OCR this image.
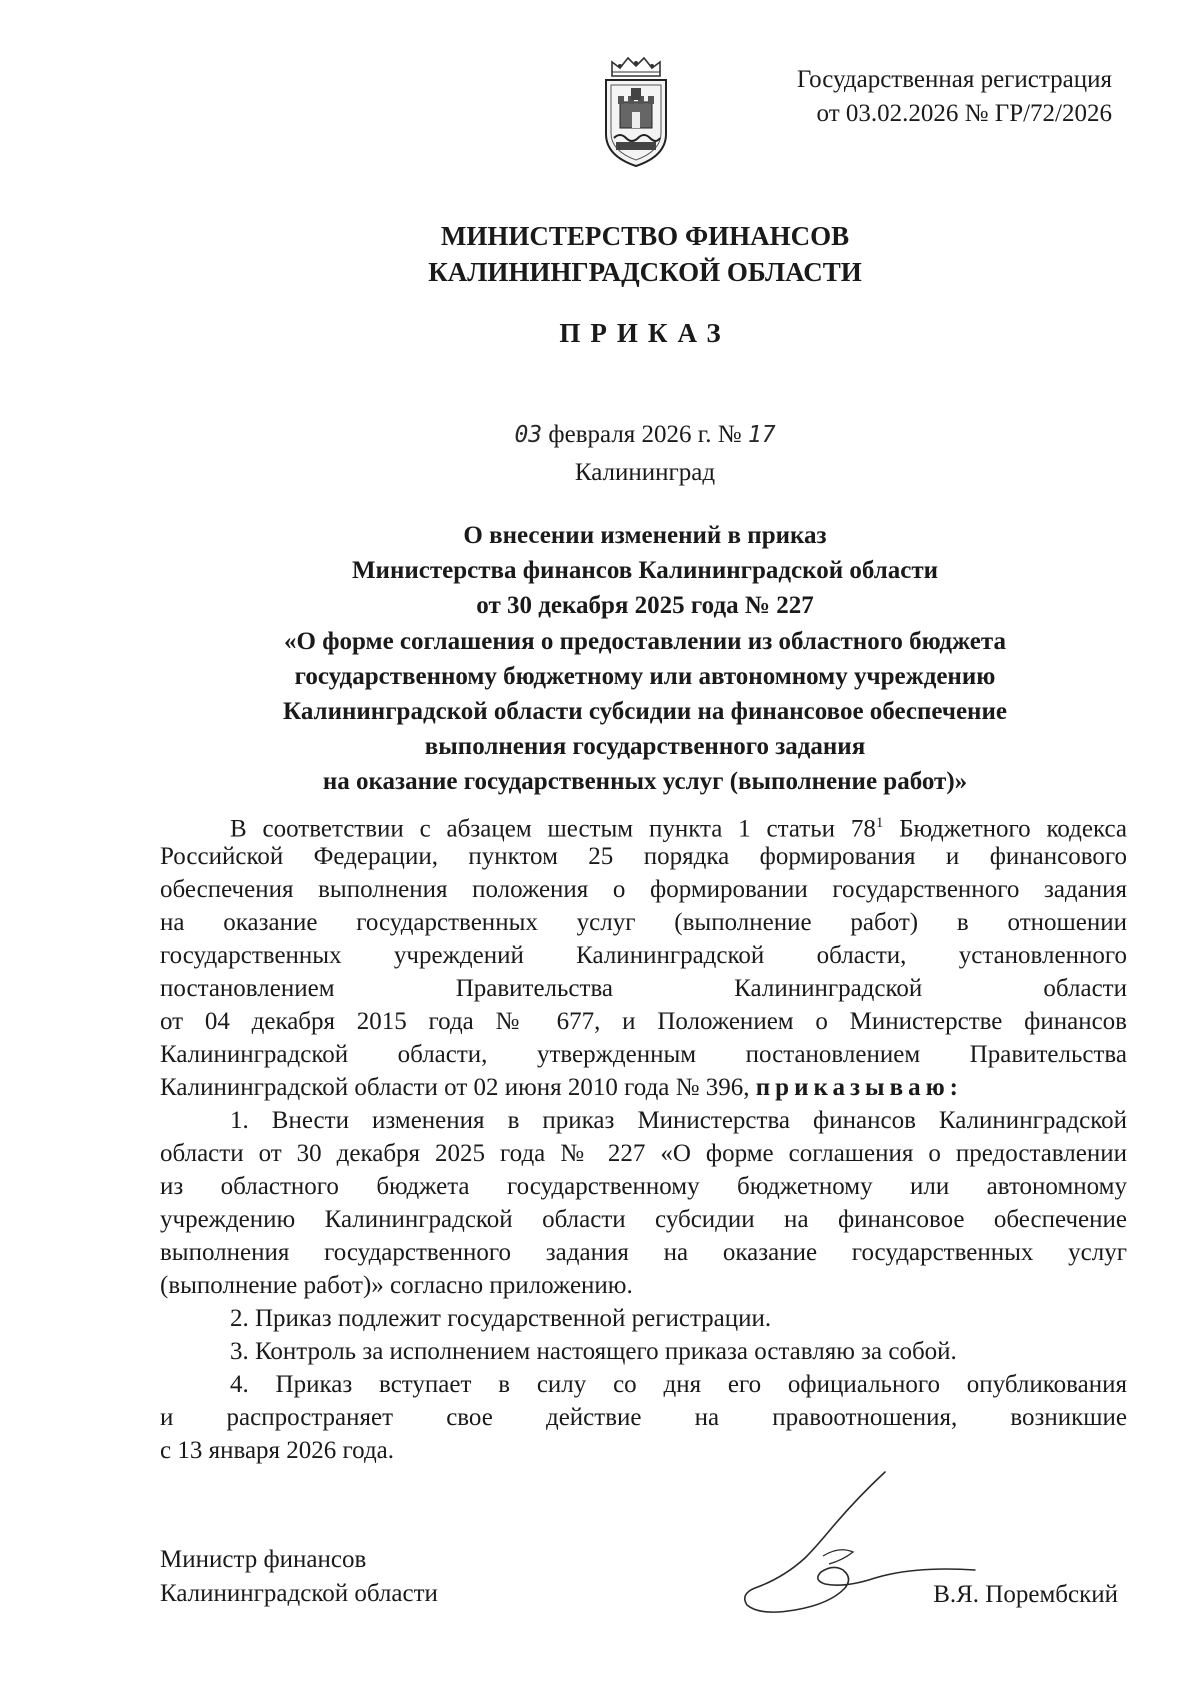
Государственная регистрация
от 03.02.2026 № ГР/72/2026
МИНИСТЕРСТВО ФИНАНСОВ
КАЛИНИНГРАДСКОЙ ОБЛАСТИ
ПРИКАЗ
03 февраля 2026 г. № 17
Калининград
О внесении изменений в приказ
Министерства финансов Калининградской области
от 30 декабря 2025 года № 227
«О форме соглашения о предоставлении из областного бюджета
государственному бюджетному или автономному учреждению
Калининградской области субсидии на финансовое обеспечение
выполнения государственного задания
на оказание государственных услуг (выполнение работ)»
В соответствии с абзацем шестым пункта 1 статьи $78^1$ Бюджетного кодекса
Российской Федерации, пунктом 25 порядка формирования и финансового
обеспечения выполнения положения о формировании государственного задания
на оказание государственных услуг (выполнение работ) в отношении
государственных учреждений Калининградской области, установленного
постановлением Правительства Калининградской области
от 04 декабря 2015 года № 677, и Положением о Министерстве финансов
Калининградской области, утвержденным постановлением Правительства
Калининградской области от 02 июня 2010 года № 396, приказываю:
1. Внести изменения в приказ Министерства финансов Калининградской
области от 30 декабря 2025 года № 227 «О форме соглашения о предоставлении
из областного бюджета государственному бюджетному или автономному
учреждению Калининградской области субсидии на финансовое обеспечение
выполнения государственного задания на оказание государственных услуг
(выполнение работ)» согласно приложению.
2. Приказ подлежит государственной регистрации.
3. Контроль за исполнением настоящего приказа оставляю за собой.
4. Приказ вступает в силу со дня его официального опубликования
и распространяет свое действие на правоотношения, возникшие
с 13 января 2026 года.
Министр финансов
Калининградской области	В.Я. Порембский
